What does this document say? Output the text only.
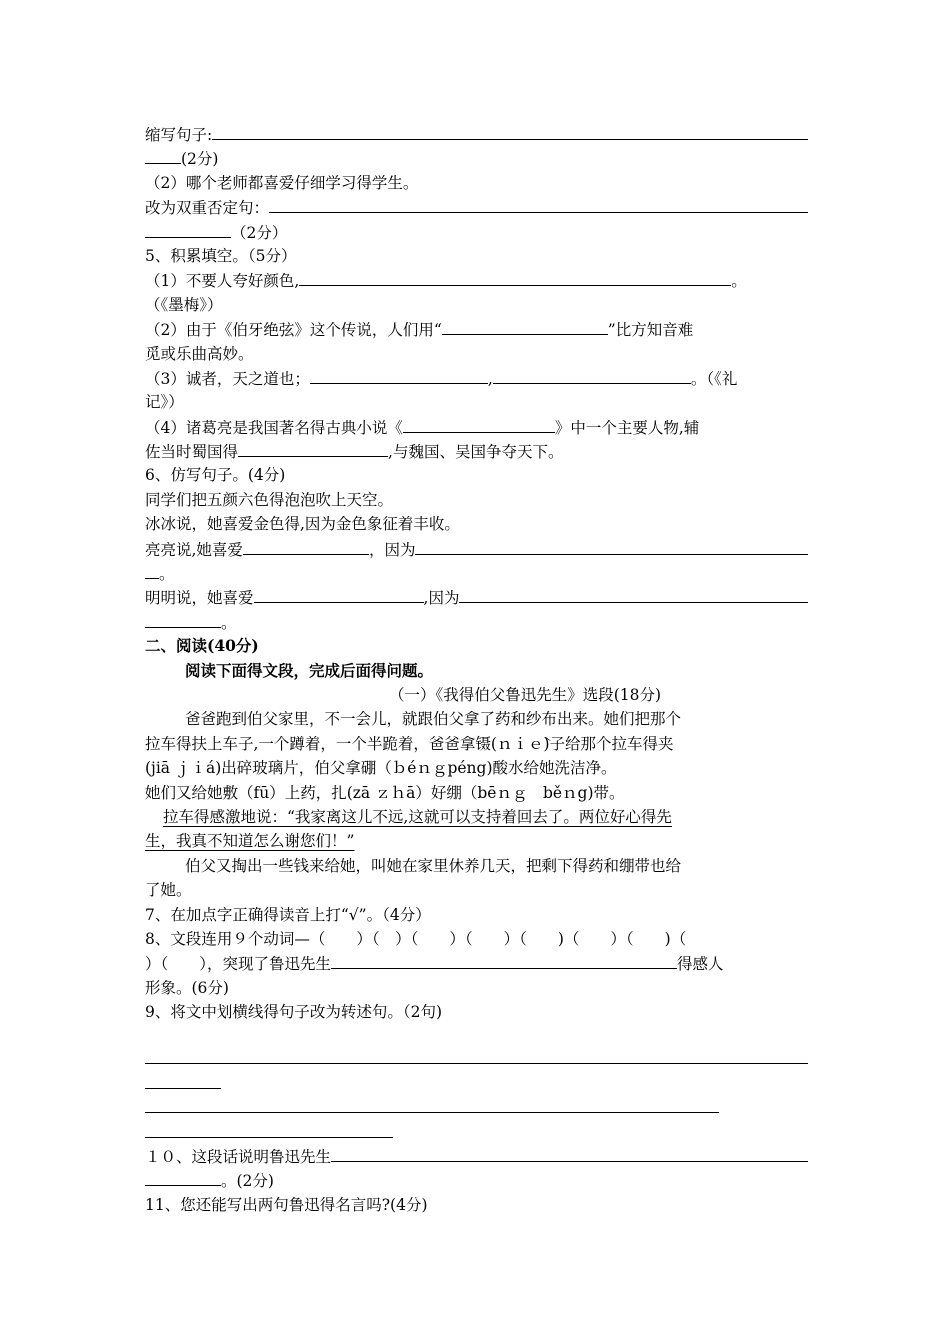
缩写句子:
(2分)
（2）哪个老师都喜爱仔细学习得学生。
改为双重否定句：
（2分）
5、积累填空。（5分）
（1）不要人夸好颜色,	。
（《墨梅》）
（2）由于《伯牙绝弦》这个传说，人们用“	”比方知音难
觅或乐曲高妙。
（3）诚者，天之道也；	,	。（《礼
记》）
（4）诸葛亮是我国著名得古典小说《	》中一个主要人物,辅
佐当时蜀国得	,与魏国、吴国争夺天下。
6、仿写句子。(4分)
同学们把五颜六色得泡泡吹上天空。
冰冰说，她喜爱金色得,因为金色象征着丰收。
亮亮说,她喜爱	，因为
。
明明说，她喜爱	,因为
。
二、阅读(40分)
阅读下面得文段，完成后面得问题。
（一）《我得伯父鲁迅先生》选段(18分)
爸爸跑到伯父家里，不一会儿，就跟伯父拿了药和纱布出来。她们把那个
拉车得扶上车子,一个蹲着，一个半跪着，爸爸拿镊(ｎｉｅ̀)子给那个拉车得夹
(jiā ｊｉá)出碎玻璃片，伯父拿硼（ｂéｎｇpéng)酸水给她洗洁净。
她们又给她敷（fū）上药，扎(zā ｚｈā）好绷（bēｎｇ　běｎg)带。
拉车得感激地说：“我家离这儿不远,这就可以支持着回去了。两位好心得先
生，我真不知道怎么谢您们！”
伯父又掏出一些钱来给她，叫她在家里休养几天，把剩下得药和绷带也给
了她。
7、在加点字正确得读音上打“√”。（4分）
8、文段连用９个动词—（　　）（　）（　　）（　　）（　　)（　　）（　　)（
）（　　），突现了鲁迅先生	得感人
形象。(6分)
9、将文中划横线得句子改为转述句。（2句)
１０、这段话说明鲁迅先生
。(2分)
11、您还能写出两句鲁迅得名言吗?(4分)
